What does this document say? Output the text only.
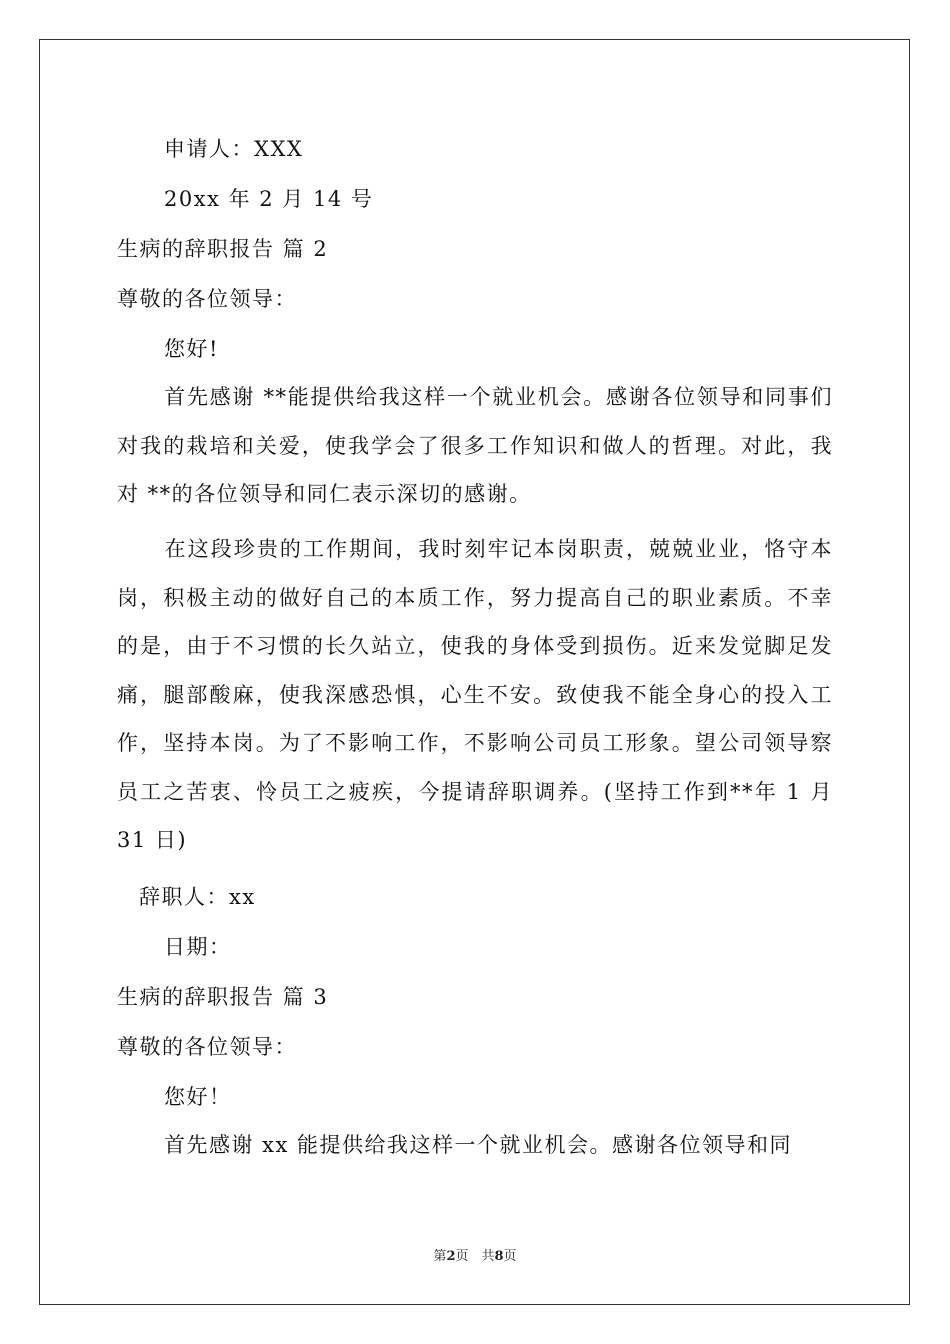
申请人：XXX
20xx 年 2 月 14 号
生病的辞职报告 篇 2
尊敬的各位领导：
您好!
首先感谢 **能提供给我这样一个就业机会。感谢各位领导和同事们对我的栽培和关爱，使我学会了很多工作知识和做人的哲理。对此，我对 **的各位领导和同仁表示深切的感谢。
在这段珍贵的工作期间，我时刻牢记本岗职责，兢兢业业，恪守本岗，积极主动的做好自己的本质工作，努力提高自己的职业素质。不幸的是，由于不习惯的长久站立，使我的身体受到损伤。近来发觉脚足发痛，腿部酸麻，使我深感恐惧，心生不安。致使我不能全身心的投入工作，坚持本岗。为了不影响工作，不影响公司员工形象。望公司领导察员工之苦衷、怜员工之疲疾，今提请辞职调养。(坚持工作到**年 1 月 31 日)
辞职人：xx
日期：
生病的辞职报告 篇 3
尊敬的各位领导：
您好！
首先感谢 xx 能提供给我这样一个就业机会。感谢各位领导和同
第2页　共8页
